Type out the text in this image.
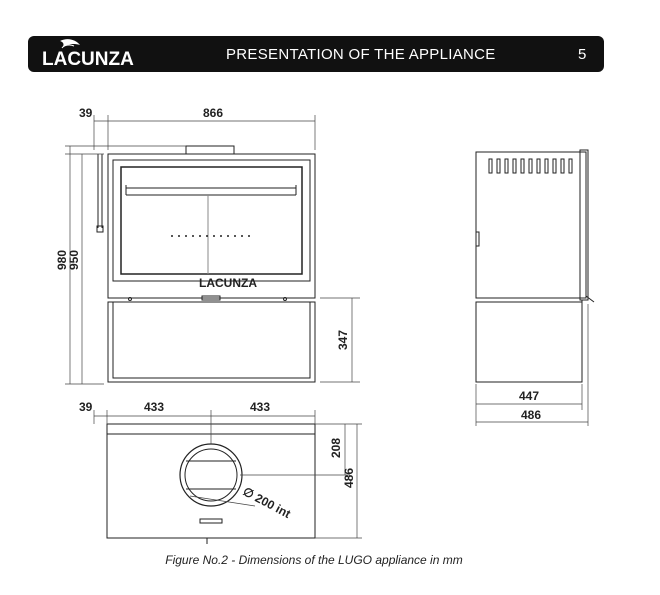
LACUNZA	PRESENTATION OF THE APPLIANCE	5
LACUNZA
39	866
980
950
347
447
486
39	433	433
208
486
∅ 200 int
Figure No.2 - Dimensions of the LUGO appliance in mm
